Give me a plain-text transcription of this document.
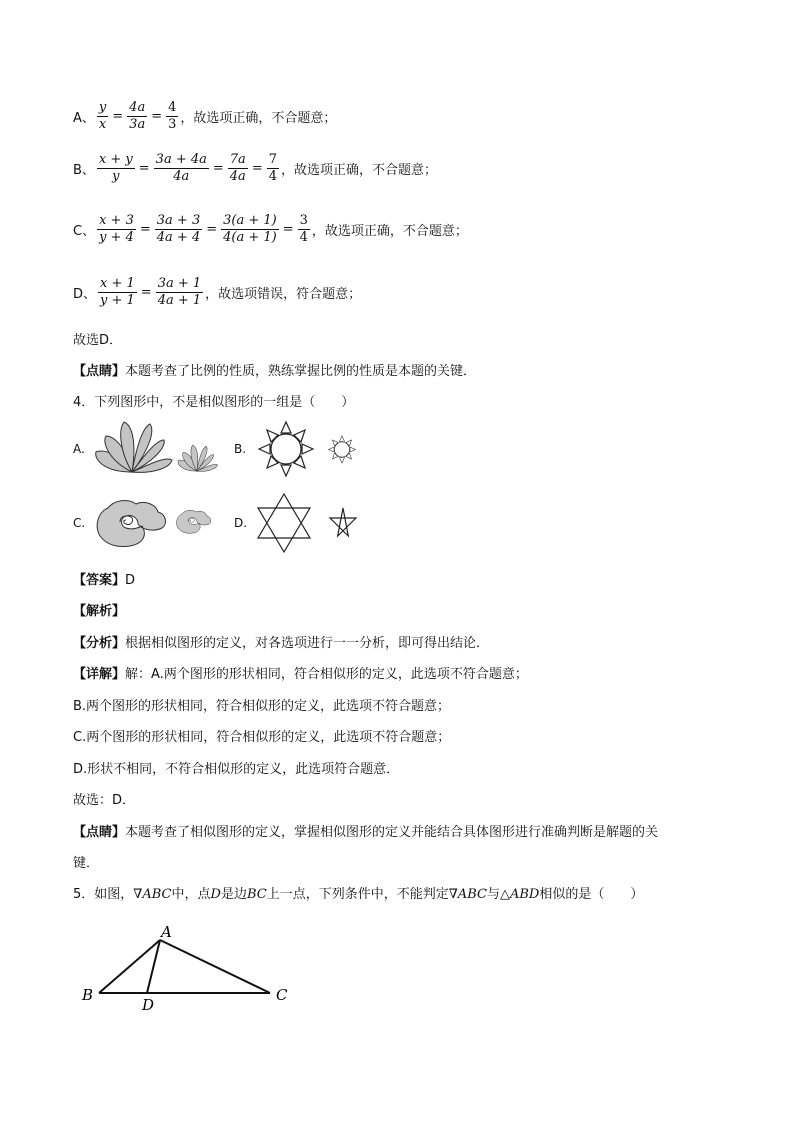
A、 $\frac{y}{x} = \frac{4a}{3a} = \frac{4}{3}$ ，故选项正确，不合题意；
B、 $\frac{x + y}{y} = \frac{3a + 4a}{4a} = \frac{7a}{4a} = \frac{7}{4}$ ，故选项正确，不合题意；
C、 $\frac{x + 3}{y + 4} = \frac{3a + 3}{4a + 4} = \frac{3(a + 1)}{4(a + 1)} = \frac{3}{4}$ ，故选项正确，不合题意；
D、 $\frac{x + 1}{y + 1} = \frac{3a + 1}{4a + 1}$ ，故选项错误，符合题意；
故选D．
【点睛】本题考查了比例的性质，熟练掌握比例的性质是本题的关键．
4．下列图形中，不是相似图形的一组是（　　）
A.	B.
C.	D.
【答案】D
【解析】
【分析】根据相似图形的定义，对各选项进行一一分析，即可得出结论．
【详解】解：A.两个图形的形状相同，符合相似形的定义，此选项不符合题意；
B.两个图形的形状相同，符合相似形的定义，此选项不符合题意；
C.两个图形的形状相同，符合相似形的定义，此选项不符合题意；
D.形状不相同，不符合相似形的定义，此选项符合题意．
故选：D．
【点睛】本题考查了相似图形的定义，掌握相似图形的定义并能结合具体图形进行准确判断是解题的关
键．
5．如图，∇ABC中，点D是边BC上一点，下列条件中，不能判定∇ABC与△ABD相似的是（　　）
A
B	C
D
